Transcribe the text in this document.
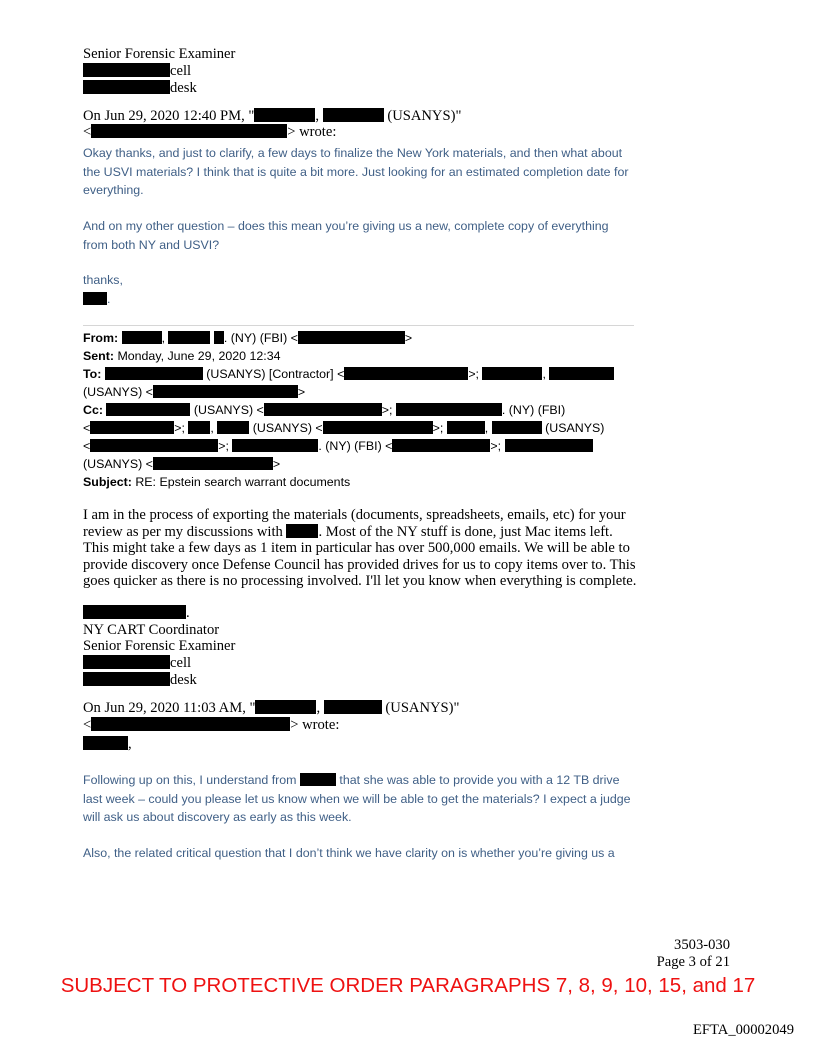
Senior Forensic Examiner
cell
desk
On Jun 29, 2020 12:40 PM, "	,	(USANYS)"
<	> wrote:
Okay thanks, and just to clarify, a few days to finalize the New York materials, and then what about the USVI materials? I think that is quite a bit more. Just looking for an estimated completion date for everything.
And on my other question – does this mean you’re giving us a new, complete copy of everything from both NY and USVI?
thanks,
.
From:	,	. (NY) (FBI) <	>
Sent: Monday, June 29, 2020 12:34
To:	(USANYS) [Contractor] <	>;	,
(USANYS) <	>
Cc:	(USANYS) <	>;	. (NY) (FBI)
<	>; ,	(USANYS) <	>;	,	(USANYS)
<	>;	. (NY) (FBI) <	>;
(USANYS) <	>
Subject: RE: Epstein search warrant documents
I am in the process of exporting the materials (documents, spreadsheets, emails, etc) for your review as per my discussions with . Most of the NY stuff is done, just Mac items left. This might take a few days as 1 item in particular has over 500,000 emails. We will be able to provide discovery once Defense Council has provided drives for us to copy items over to. This goes quicker as there is no processing involved. I'll let you know when everything is complete.
.
NY CART Coordinator
Senior Forensic Examiner
cell
desk
On Jun 29, 2020 11:03 AM, "	,	(USANYS)"
<	> wrote:
,
Following up on this, I understand from	that she was able to provide you with a 12 TB drive last week – could you please let us know when we will be able to get the materials? I expect a judge will ask us about discovery as early as this week.
Also, the related critical question that I don’t think we have clarity on is whether you’re giving us a
3503-030
Page 3 of 21
SUBJECT TO PROTECTIVE ORDER PARAGRAPHS 7, 8, 9, 10, 15, and 17
EFTA_00002049
